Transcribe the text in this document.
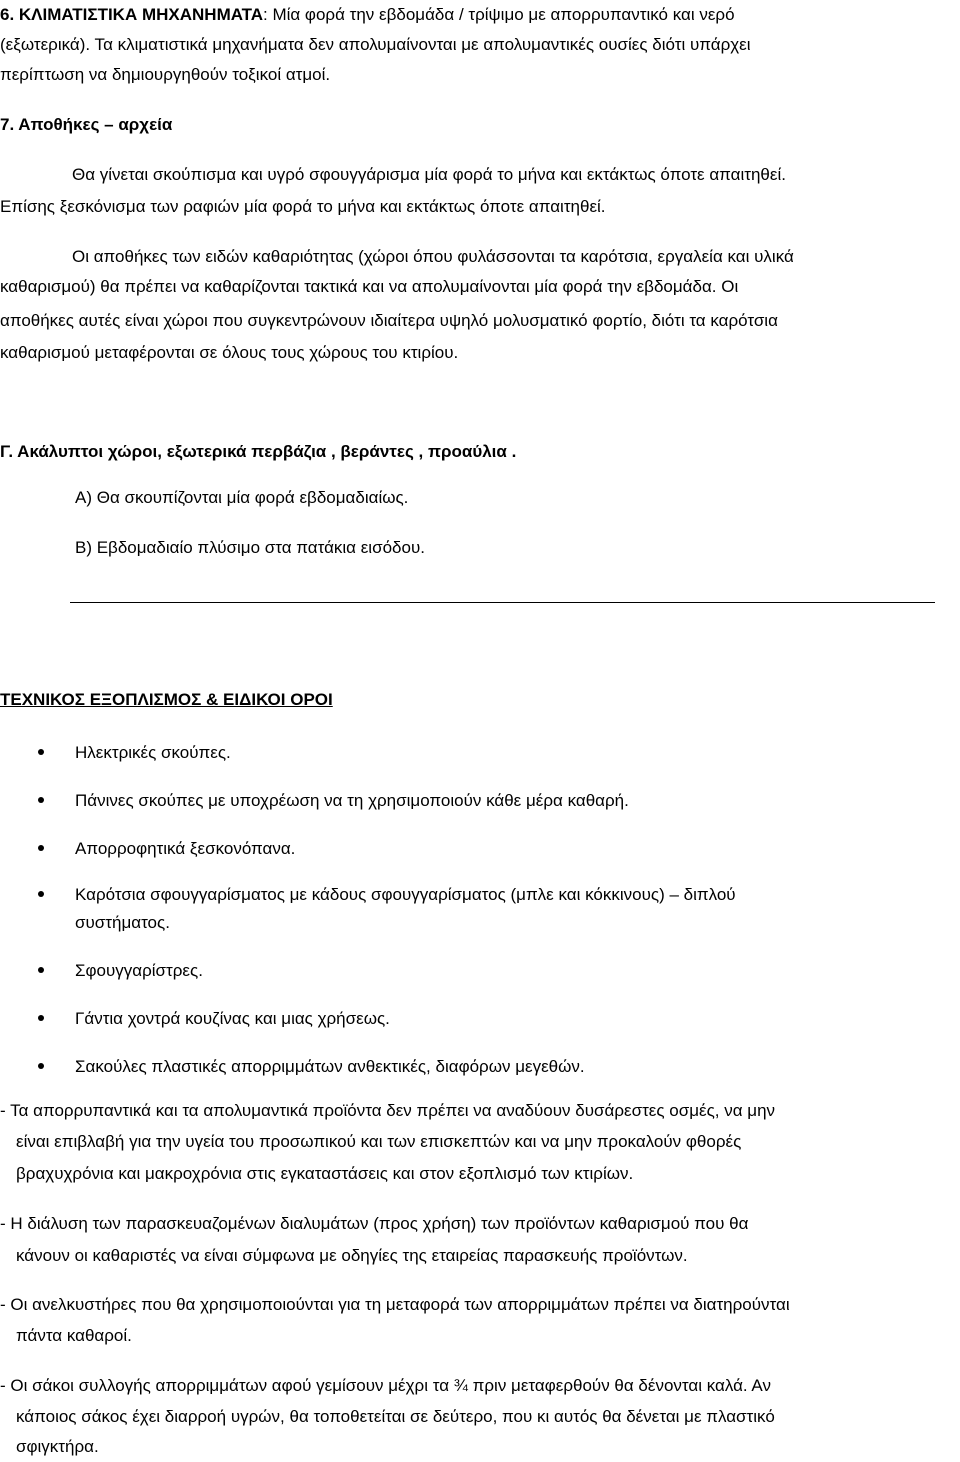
6. ΚΛΙΜΑΤΙΣΤΙΚΑ ΜΗΧΑΝΗΜΑΤΑ: Μία φορά την εβδομάδα / τρίψιμο με απορρυπαντικό και νερό
(εξωτερικά). Τα κλιματιστικά μηχανήματα δεν απολυμαίνονται με απολυμαντικές ουσίες διότι υπάρχει
περίπτωση να δημιουργηθούν τοξικοί ατμοί.
7. Αποθήκες – αρχεία
Θα γίνεται σκούπισμα και υγρό σφουγγάρισμα μία φορά το μήνα και εκτάκτως όποτε απαιτηθεί.
Επίσης ξεσκόνισμα των ραφιών μία φορά το μήνα και εκτάκτως όποτε απαιτηθεί.
Οι αποθήκες των ειδών καθαριότητας (χώροι όπου φυλάσσονται τα καρότσια, εργαλεία και υλικά
καθαρισμού) θα πρέπει να καθαρίζονται τακτικά και να απολυμαίνονται μία φορά την εβδομάδα. Οι
αποθήκες αυτές είναι χώροι που συγκεντρώνουν ιδιαίτερα υψηλό μολυσματικό φορτίο, διότι τα καρότσια
καθαρισμού μεταφέρονται σε όλους τους χώρους του κτιρίου.
Γ. Ακάλυπτοι χώροι, εξωτερικά περβάζια , βεράντες , προαύλια .
Α) Θα σκουπίζονται μία φορά εβδομαδιαίως.
Β) Εβδομαδιαίο πλύσιμο στα πατάκια εισόδου.
ΤΕΧΝΙΚΟΣ ΕΞΟΠΛΙΣΜΟΣ & ΕΙΔΙΚΟΙ ΟΡΟΙ
Ηλεκτρικές σκούπες.
Πάνινες σκούπες με υποχρέωση να τη χρησιμοποιούν κάθε μέρα καθαρή.
Απορροφητικά ξεσκονόπανα.
Καρότσια σφουγγαρίσματος με κάδους σφουγγαρίσματος (μπλε και κόκκινους) – διπλού
συστήματος.
Σφουγγαρίστρες.
Γάντια χοντρά κουζίνας και μιας χρήσεως.
Σακούλες πλαστικές απορριμμάτων ανθεκτικές, διαφόρων μεγεθών.
- Τα απορρυπαντικά και τα απολυμαντικά προϊόντα δεν πρέπει να αναδύουν δυσάρεστες οσμές, να μην
είναι επιβλαβή για την υγεία του προσωπικού και των επισκεπτών και να μην προκαλούν φθορές
βραχυχρόνια και μακροχρόνια στις εγκαταστάσεις και στον εξοπλισμό των κτιρίων.
- Η διάλυση των παρασκευαζομένων διαλυμάτων (προς χρήση) των προϊόντων καθαρισμού που θα
κάνουν οι καθαριστές να είναι σύμφωνα με οδηγίες της εταιρείας παρασκευής προϊόντων.
- Οι ανελκυστήρες που θα χρησιμοποιούνται για τη μεταφορά των απορριμμάτων πρέπει να διατηρούνται
πάντα καθαροί.
- Οι σάκοι συλλογής απορριμμάτων αφού γεμίσουν μέχρι τα ¾ πριν μεταφερθούν θα δένονται καλά. Αν
κάποιος σάκος έχει διαρροή υγρών, θα τοποθετείται σε δεύτερο, που κι αυτός θα δένεται με πλαστικό
σφιγκτήρα.
